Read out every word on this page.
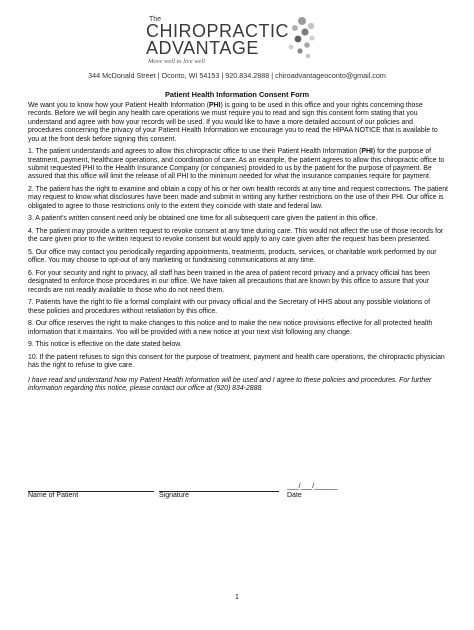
The
CHIROPRACTIC
ADVANTAGE
Move well to live well
344 McDonald Street | Oconto, WI 54153 | 920.834.2888 | chiroadvantageoconto@gmail.com
Patient Health Information Consent Form

We want you to know how your Patient Health Information (PHI) is going to be used in this office and your rights concerning those records. Before we will begin any health care operations we must require you to read and sign this consent form stating that you understand and agree with how your records will be used. If you would like to have a more detailed account of our policies and procedures concerning the privacy of your Patient Health Information we encourage you to read the HIPAA NOTICE that is available to you at the front desk before signing this consent.

1. The patient understands and agrees to allow this chiropractic office to use their Patient Health Information (PHI) for the purpose of treatment, payment, healthcare operations, and coordination of care. As an example, the patient agrees to allow this chiropractic office to submit requested PHI to the Health Insurance Company (or companies) provided to us by the patient for the purpose of payment. Be assured that this office will limit the release of all PHI to the minimum needed for what the insurance companies require for payment.

2. The patient has the right to examine and obtain a copy of his or her own health records at any time and request corrections. The patient may request to know what disclosures have been made and submit in writing any further restrictions on the use of their PHI. Our office is obligated to agree to those restrictions only to the extent they coincide with state and federal law.

3. A patient's written consent need only be obtained one time for all subsequent care given the patient in this office.

4. The patient may provide a written request to revoke consent at any time during care. This would not affect the use of those records for the care given prior to the written request to revoke consent but would apply to any care given after the request has been presented.

5. Our office may contact you periodically regarding appointments, treatments, products, services, or charitable work performed by our office. You may choose to opt-out of any marketing or fundraising communications at any time.

6. For your security and right to privacy, all staff has been trained in the area of patient record privacy and a privacy official has been designated to enforce those procedures in our office. We have taken all precautions that are known by this office to assure that your records are not readily available to those who do not need them.

7. Patients have the right to file a formal complaint with our privacy official and the Secretary of HHS about any possible violations of these policies and procedures without retaliation by this office.

8. Our office reserves the right to make changes to this notice and to make the new notice provisions effective for all protected health information that it maintains. You will be provided with a new notice at your next visit following any change.

9. This notice is effective on the date stated below.

10. If the patient refuses to sign this consent for the purpose of treatment, payment and health care operations, the chiropractic physician has the right to refuse to give care.

I have read and understand how my Patient Health Information will be used and I agree to these policies and procedures. For further information regarding this notice, please contact our office at (920) 834-2888.

___/___/______
Name of Patient	Signature	Date
1
